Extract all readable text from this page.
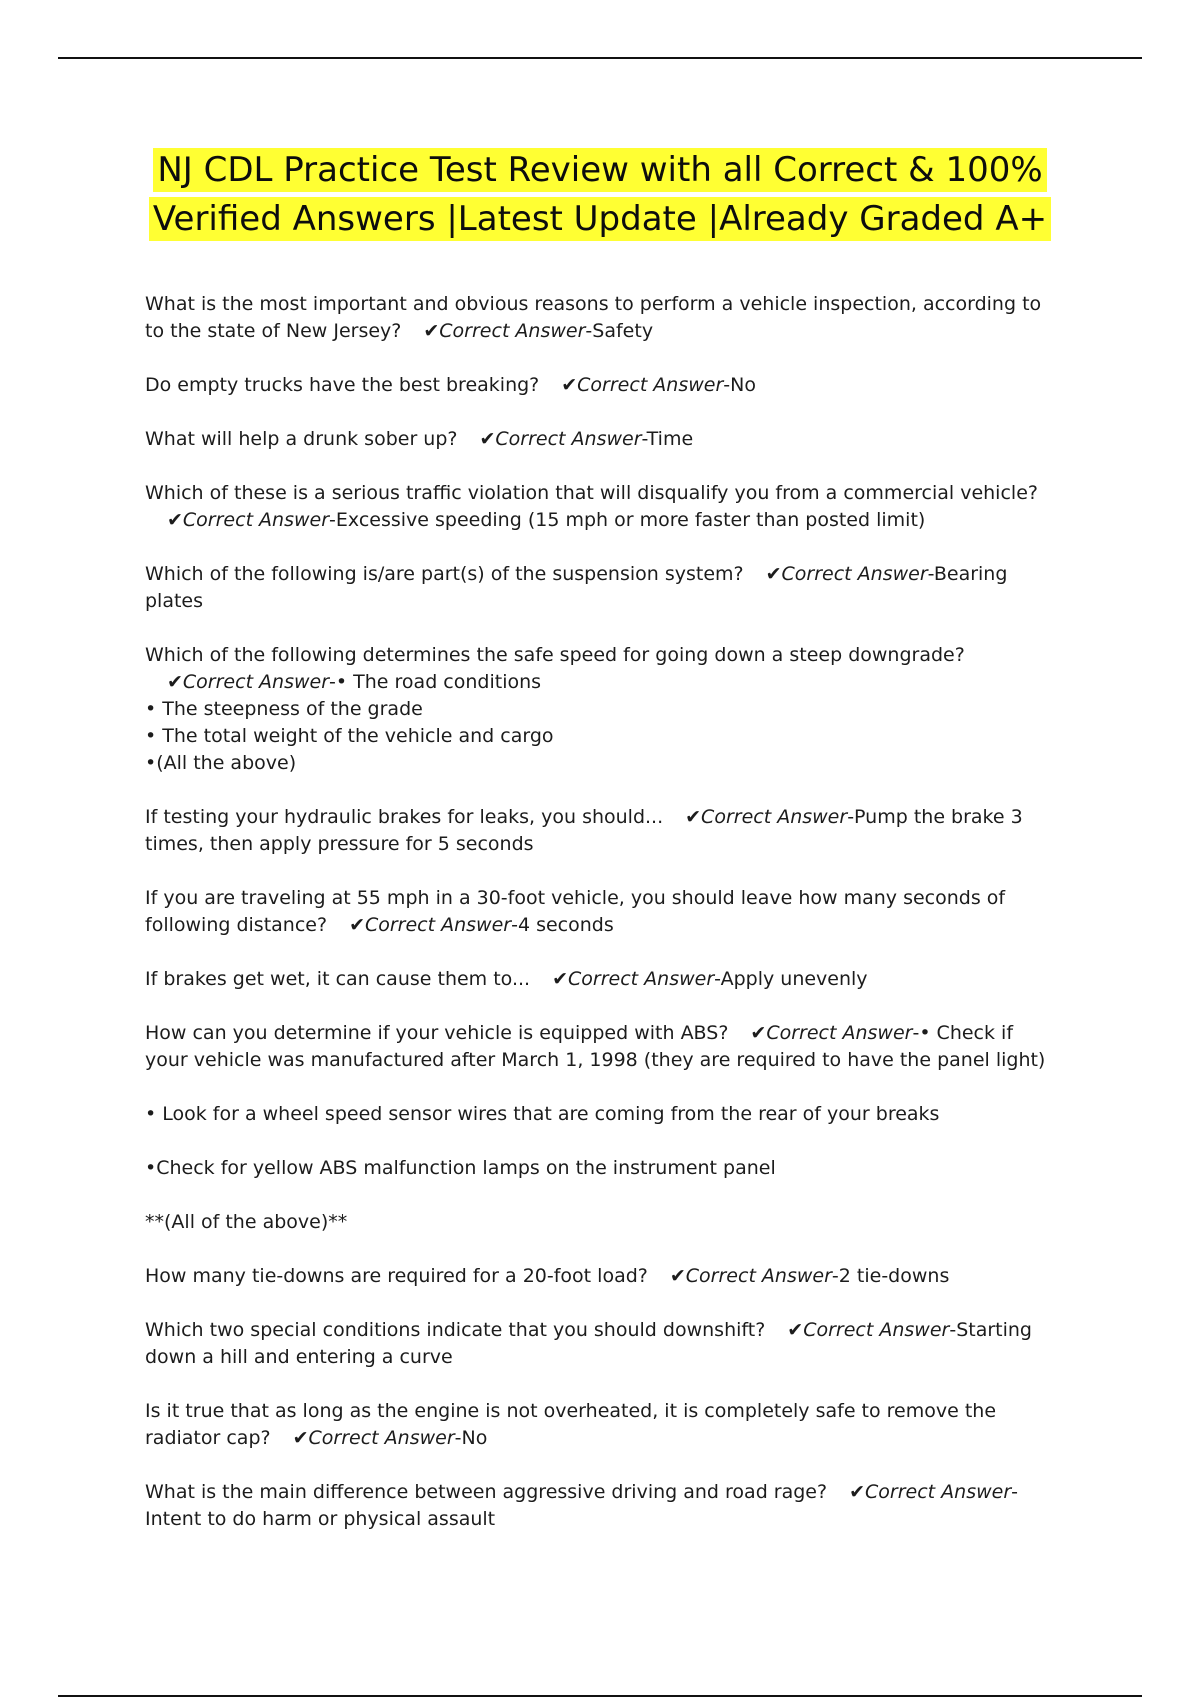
NJ CDL Practice Test Review with all Correct & 100%
Verified Answers |Latest Update |Already Graded A+
What is the most important and obvious reasons to perform a vehicle inspection, according to to the state of New Jersey? ✔Correct Answer-Safety
Do empty trucks have the best breaking? ✔Correct Answer-No
What will help a drunk sober up? ✔Correct Answer-Time
Which of these is a serious traffic violation that will disqualify you from a commercial vehicle?✔Correct Answer-Excessive speeding (15 mph or more faster than posted limit)
Which of the following is/are part(s) of the suspension system? ✔Correct Answer-Bearing plates
Which of the following determines the safe speed for going down a steep downgrade?✔Correct Answer-• The road conditions
• The steepness of the grade
• The total weight of the vehicle and cargo
•(All the above)
If testing your hydraulic brakes for leaks, you should... ✔Correct Answer-Pump the brake 3 times, then apply pressure for 5 seconds
If you are traveling at 55 mph in a 30-foot vehicle, you should leave how many seconds of following distance? ✔Correct Answer-4 seconds
If brakes get wet, it can cause them to... ✔Correct Answer-Apply unevenly
How can you determine if your vehicle is equipped with ABS? ✔Correct Answer-• Check if your vehicle was manufactured after March 1, 1998 (they are required to have the panel light)
• Look for a wheel speed sensor wires that are coming from the rear of your breaks
•Check for yellow ABS malfunction lamps on the instrument panel
**(All of the above)**
How many tie-downs are required for a 20-foot load? ✔Correct Answer-2 tie-downs
Which two special conditions indicate that you should downshift? ✔Correct Answer-Starting down a hill and entering a curve
Is it true that as long as the engine is not overheated, it is completely safe to remove the radiator cap? ✔Correct Answer-No
What is the main difference between aggressive driving and road rage? ✔Correct Answer-Intent to do harm or physical assault
